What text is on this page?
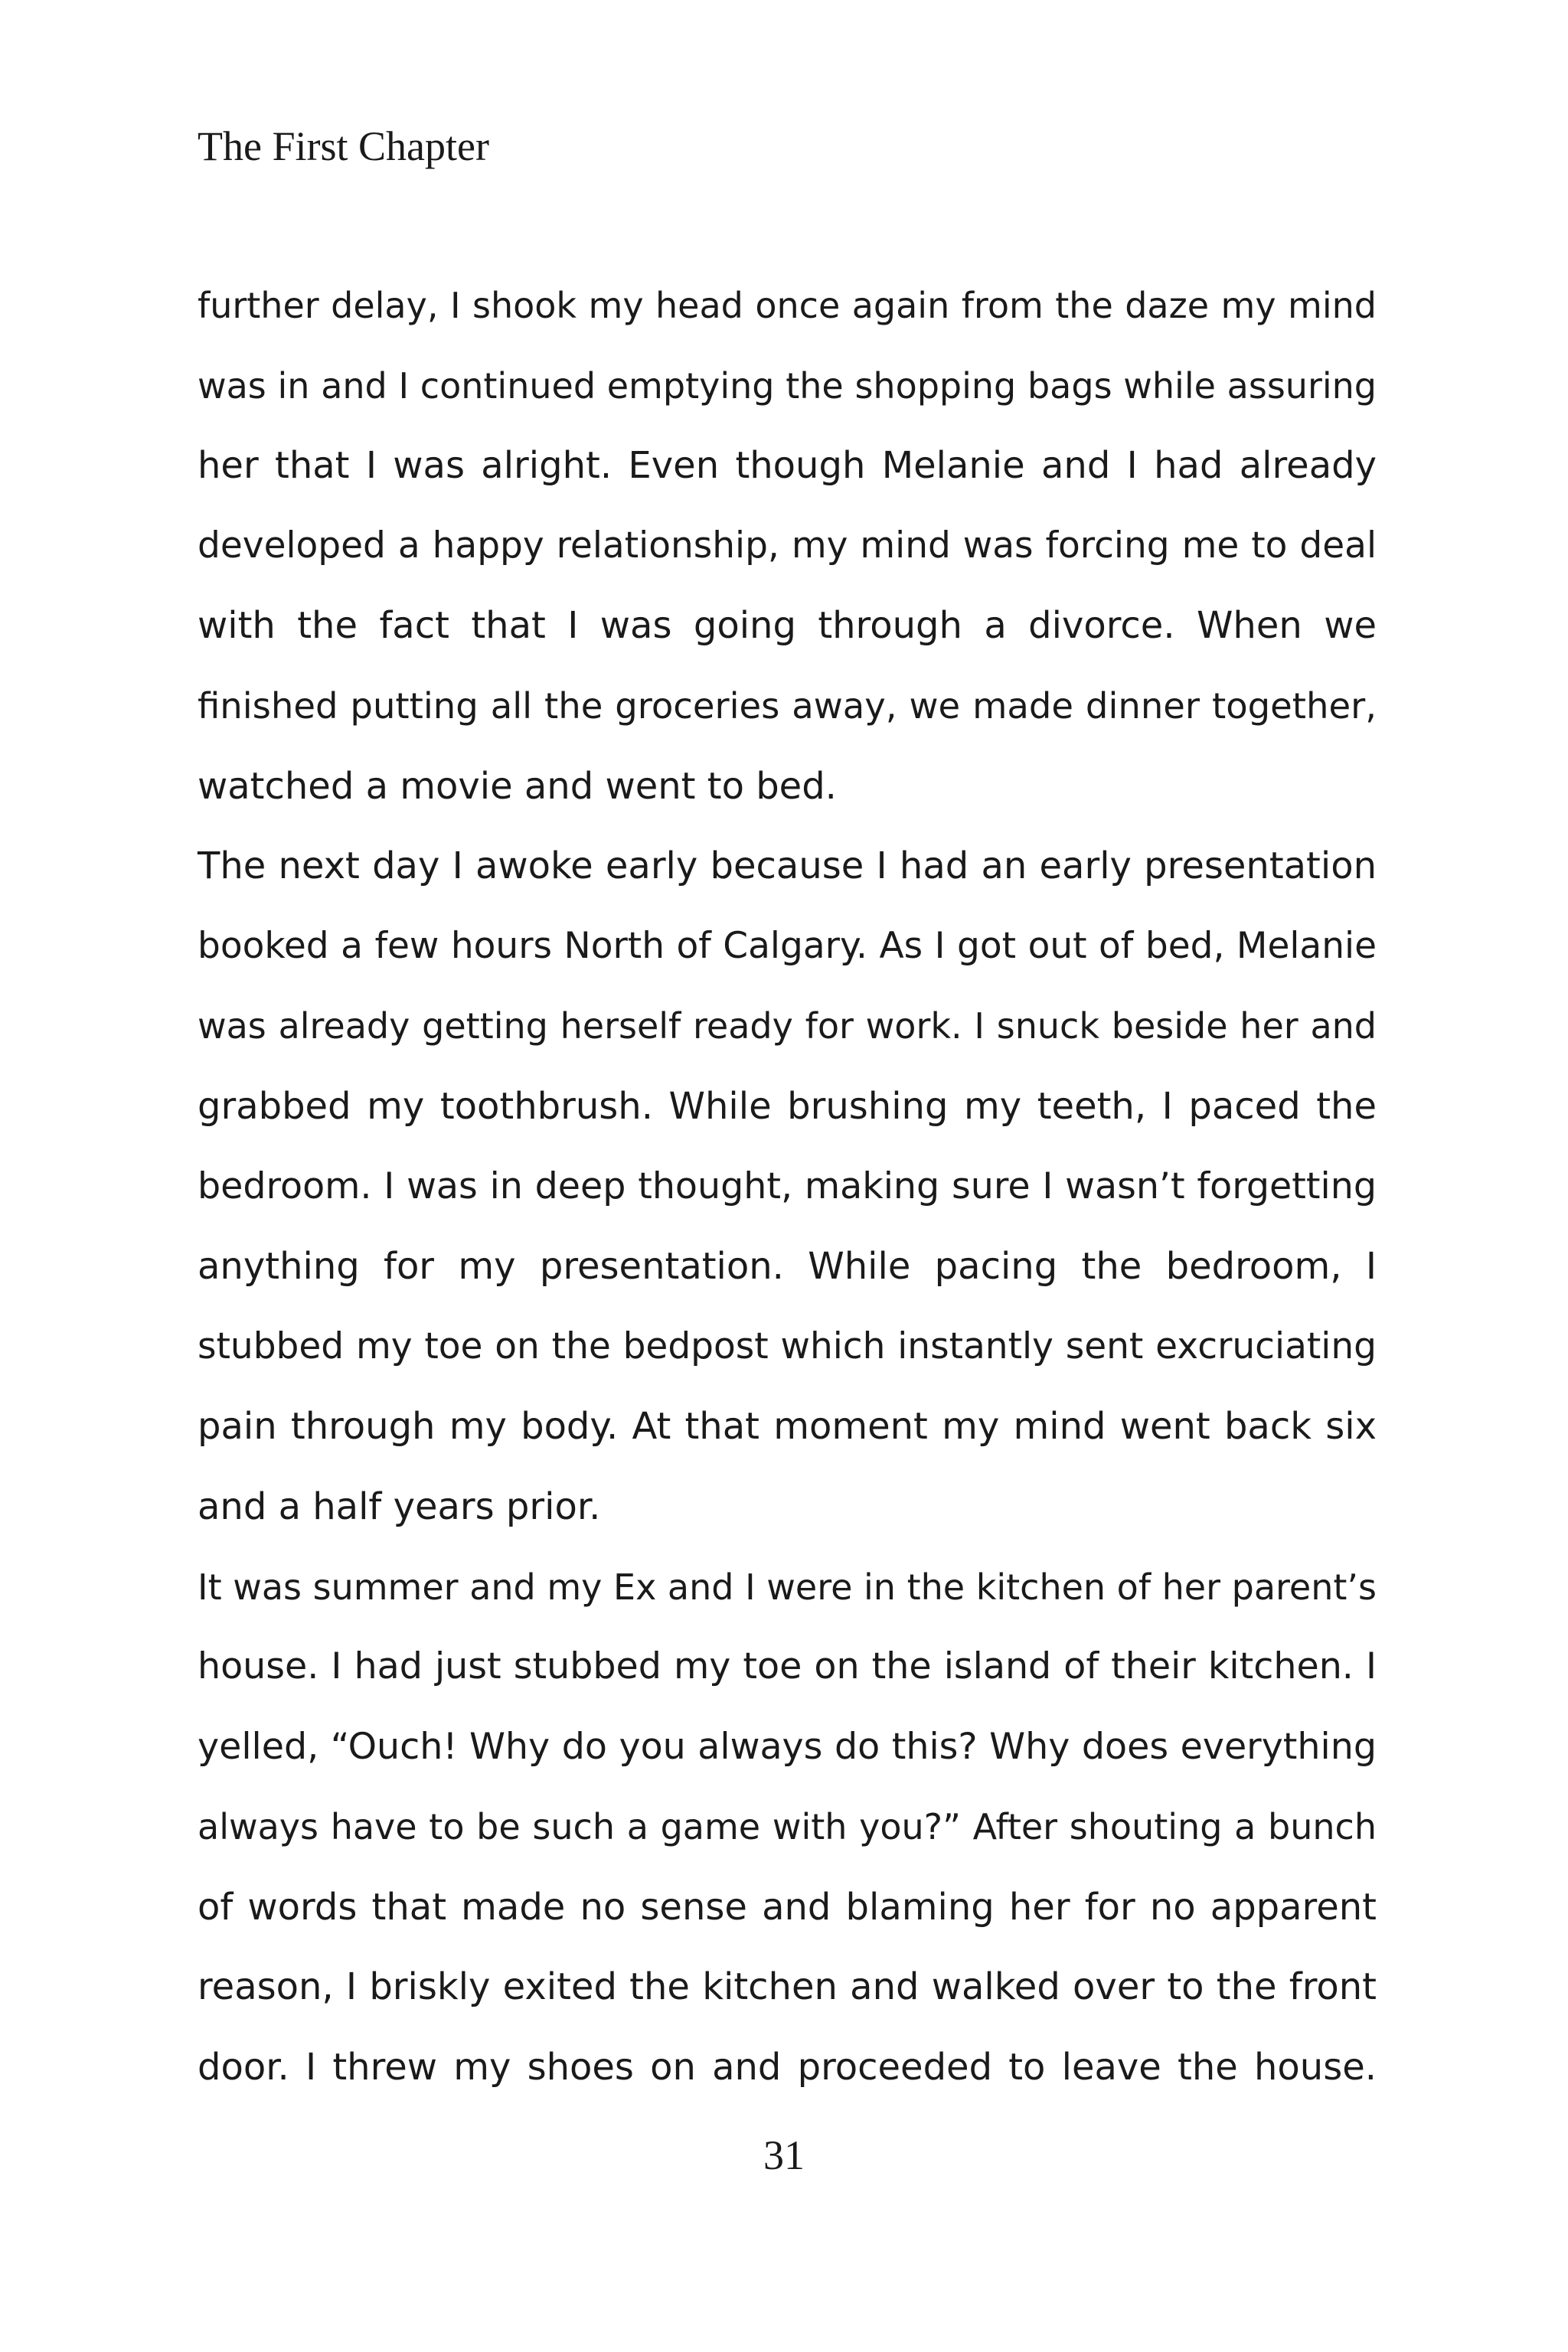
The First Chapter
further delay, I shook my head once again from the daze my mind
was in and I continued emptying the shopping bags while assuring
her that I was alright. Even though Melanie and I had already
developed a happy relationship, my mind was forcing me to deal
with the fact that I was going through a divorce. When we
finished putting all the groceries away, we made dinner together,
watched a movie and went to bed.
The next day I awoke early because I had an early presentation
booked a few hours North of Calgary. As I got out of bed, Melanie
was already getting herself ready for work. I snuck beside her and
grabbed my toothbrush. While brushing my teeth, I paced the
bedroom. I was in deep thought, making sure I wasn’t forgetting
anything for my presentation. While pacing the bedroom, I
stubbed my toe on the bedpost which instantly sent excruciating
pain through my body. At that moment my mind went back six
and a half years prior.
It was summer and my Ex and I were in the kitchen of her parent’s
house. I had just stubbed my toe on the island of their kitchen. I
yelled, “Ouch! Why do you always do this? Why does everything
always have to be such a game with you?” After shouting a bunch
of words that made no sense and blaming her for no apparent
reason, I briskly exited the kitchen and walked over to the front
door. I threw my shoes on and proceeded to leave the house.
31
